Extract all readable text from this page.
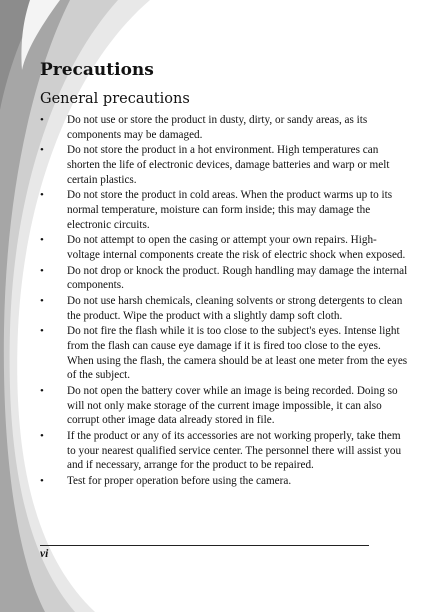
Precautions
General precautions
• Do not use or store the product in dusty, dirty, or sandy areas, as its components may be damaged.
• Do not store the product in a hot environment. High temperatures can shorten the life of electronic devices, damage batteries and warp or melt certain plastics.
• Do not store the product in cold areas. When the product warms up to its normal temperature, moisture can form inside; this may damage the electronic circuits.
• Do not attempt to open the casing or attempt your own repairs. High-voltage internal components create the risk of electric shock when exposed.
• Do not drop or knock the product. Rough handling may damage the internal components.
• Do not use harsh chemicals, cleaning solvents or strong detergents to clean the product. Wipe the product with a slightly damp soft cloth.
• Do not fire the flash while it is too close to the subject's eyes. Intense light from the flash can cause eye damage if it is fired too close to the eyes. When using the flash, the camera should be at least one meter from the eyes of the subject.
• Do not open the battery cover while an image is being recorded. Doing so will not only make storage of the current image impossible, it can also corrupt other image data already stored in file.
• If the product or any of its accessories are not working properly, take them to your nearest qualified service center. The personnel there will assist you and if necessary, arrange for the product to be repaired.
• Test for proper operation before using the camera.
vi
